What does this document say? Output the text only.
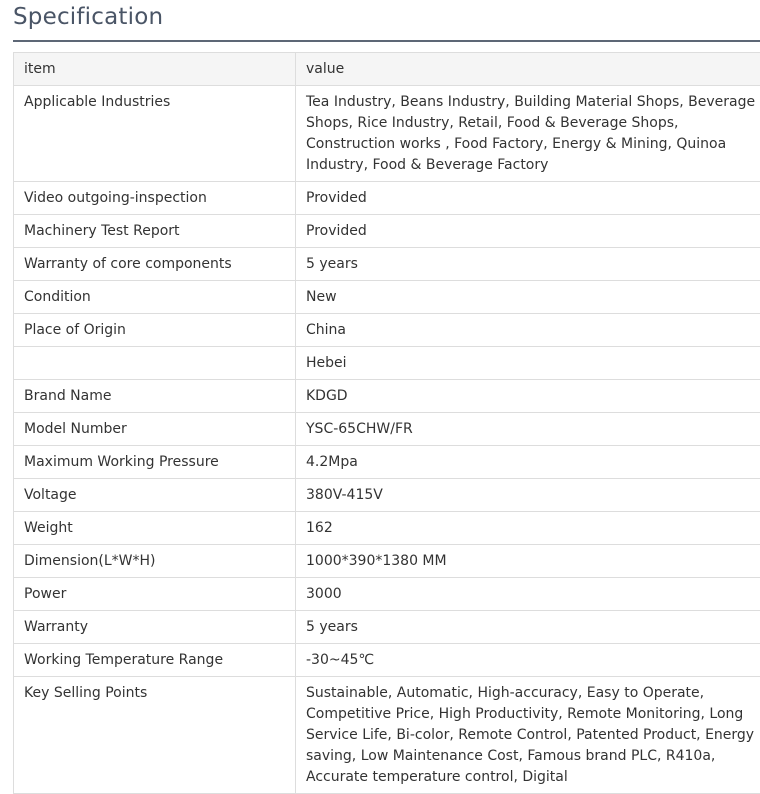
Specification
item	value
Applicable Industries	Tea Industry, Beans Industry, Building Material Shops, Beverage Shops, Rice Industry, Retail, Food & Beverage Shops, Construction works , Food Factory, Energy & Mining, Quinoa Industry, Food & Beverage Factory
Video outgoing-inspection	Provided
Machinery Test Report	Provided
Warranty of core components	5 years
Condition	New
Place of Origin	China
	Hebei
Brand Name	KDGD
Model Number	YSC-65CHW/FR
Maximum Working Pressure	4.2Mpa
Voltage	380V-415V
Weight	162
Dimension(L*W*H)	1000*390*1380 MM
Power	3000
Warranty	5 years
Working Temperature Range	-30~45℃
Key Selling Points	Sustainable, Automatic, High-accuracy, Easy to Operate, Competitive Price, High Productivity, Remote Monitoring, Long Service Life, Bi-color, Remote Control, Patented Product, Energy saving, Low Maintenance Cost, Famous brand PLC, R410a, Accurate temperature control, Digital
